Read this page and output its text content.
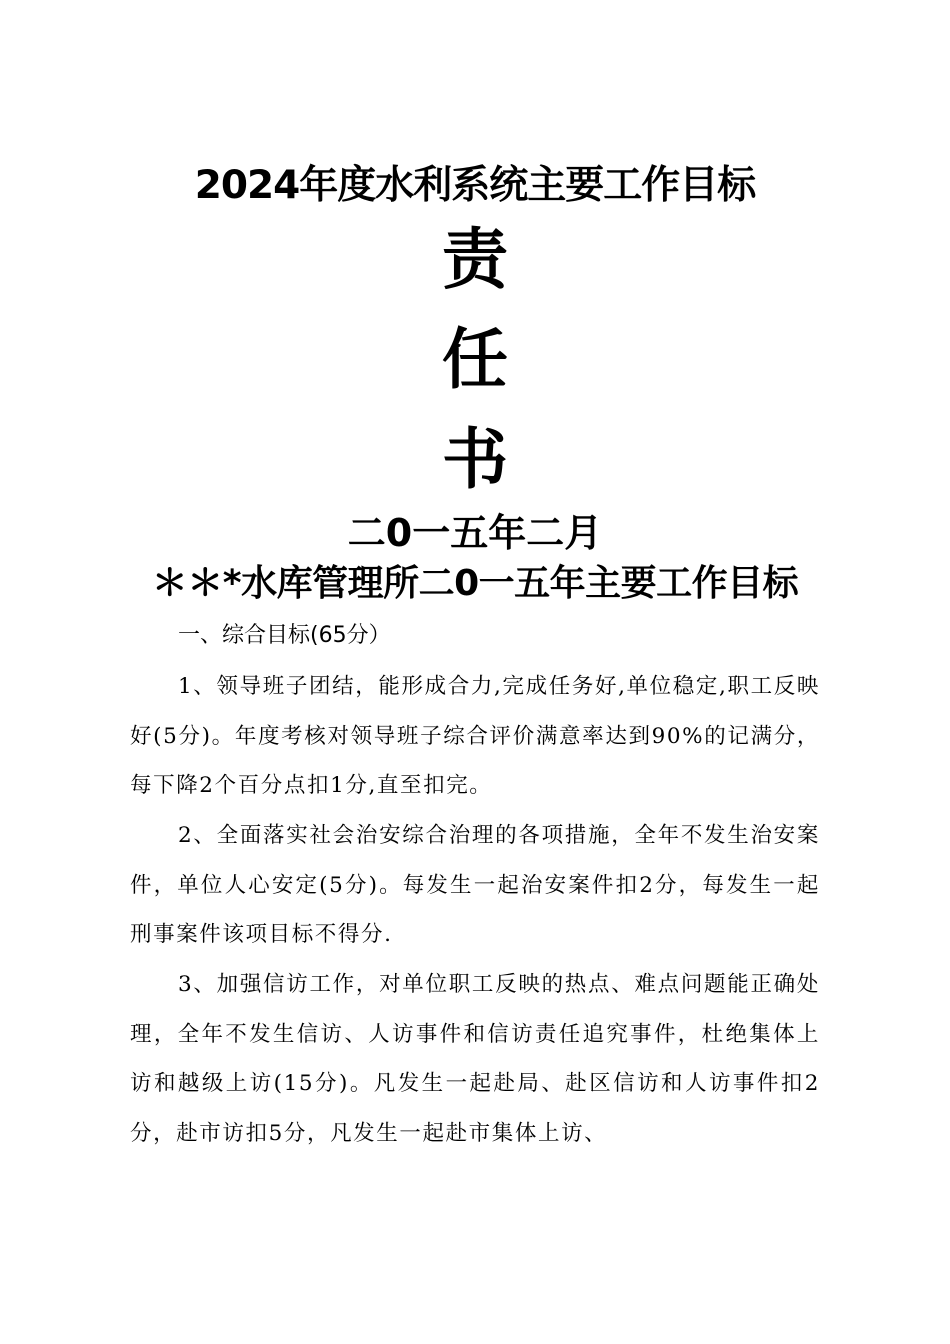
2024年度水利系统主要工作目标
责
任
书
二0一五年二月
＊＊*水库管理所二0一五年主要工作目标
一、综合目标(65分）

1、领导班子团结，能形成合力,完成任务好,单位稳定,职工反映好(5分)。年度考核对领导班子综合评价满意率达到90%的记满分，每下降2个百分点扣1分,直至扣完。

2、全面落实社会治安综合治理的各项措施，全年不发生治安案件，单位人心安定(5分)。每发生一起治安案件扣2分，每发生一起刑事案件该项目标不得分.

3、加强信访工作，对单位职工反映的热点、难点问题能正确处理，全年不发生信访、人访事件和信访责任追究事件，杜绝集体上访和越级上访(15分)。凡发生一起赴局、赴区信访和人访事件扣2分，赴市访扣5分，凡发生一起赴市集体上访、
